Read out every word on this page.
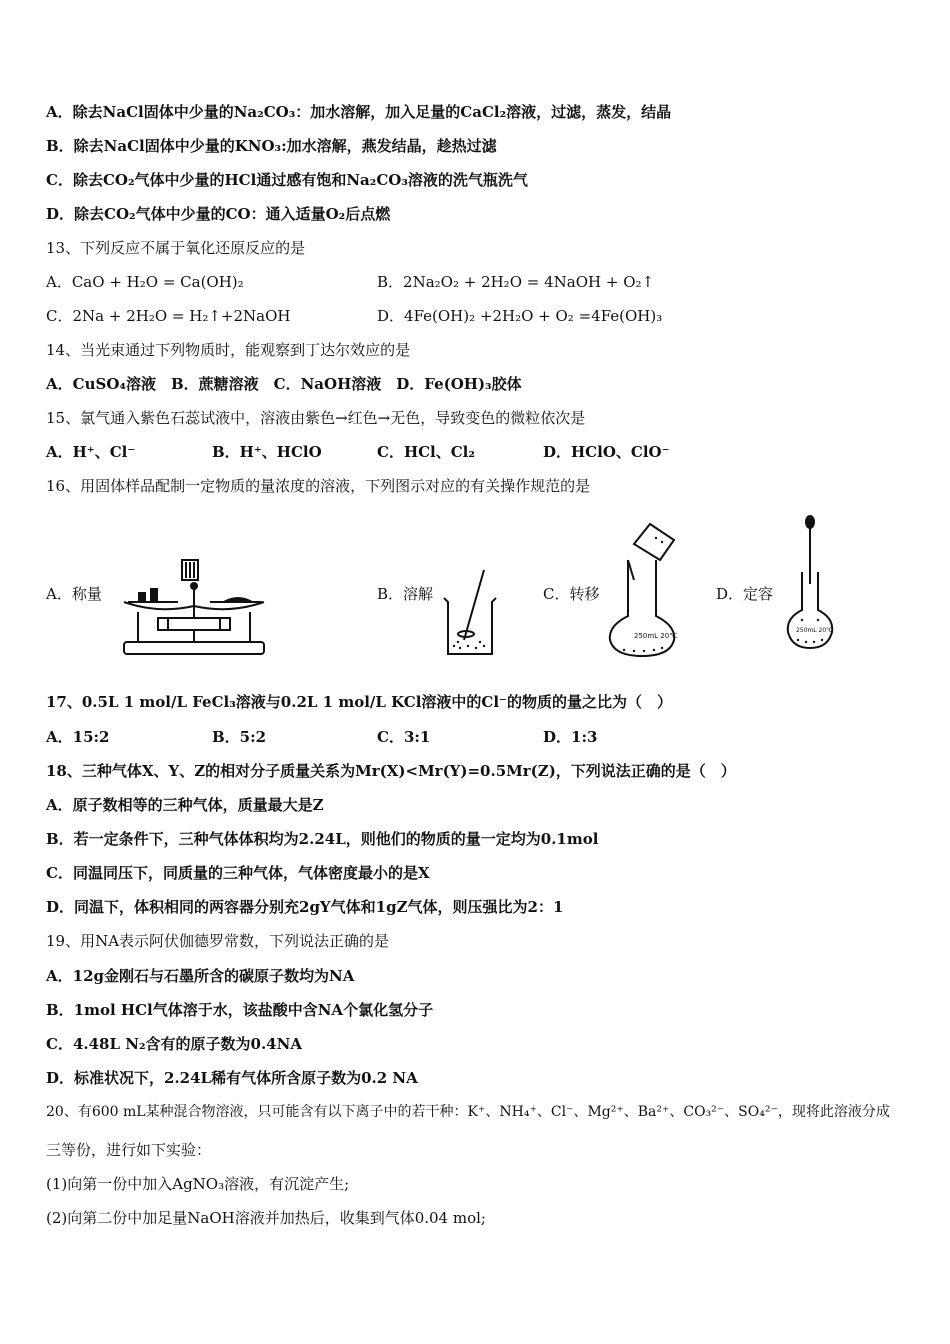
A．除去NaCl固体中少量的Na₂CO₃：加水溶解，加入足量的CaCl₂溶液，过滤，蒸发，结晶
B．除去NaCl固体中少量的KNO₃:加水溶解，燕发结晶，趁热过滤
C．除去CO₂气体中少量的HCl通过感有饱和Na₂CO₃溶液的洗气瓶洗气
D．除去CO₂气体中少量的CO：通入适量O₂后点燃
13、下列反应不属于氧化还原反应的是
A．CaO + H₂O = Ca(OH)₂	B．2Na₂O₂ + 2H₂O = 4NaOH + O₂↑
C．2Na + 2H₂O = H₂↑+2NaOH	D．4Fe(OH)₂ +2H₂O + O₂ =4Fe(OH)₃
14、当光束通过下列物质时，能观察到丁达尔效应的是
A．CuSO₄溶液　B．蔗糖溶液　C．NaOH溶液　D．Fe(OH)₃胶体
15、氯气通入紫色石蕊试液中，溶液由紫色→红色→无色，导致变色的微粒依次是
A．H⁺、Cl⁻	B．H⁺、HClO	C．HCl、Cl₂	D．HClO、ClO⁻
16、用固体样品配制一定物质的量浓度的溶液，下列图示对应的有关操作规范的是
A．称量	B．溶解	C．转移	D．定容
250mL 20℃
250mL 20℃
17、0.5L 1 mol/L FeCl₃溶液与0.2L 1 mol/L KCl溶液中的Cl⁻的物质的量之比为（　）
A．15:2	B．5:2	C．3:1	D．1:3
18、三种气体X、Y、Z的相对分子质量关系为Mr(X)<Mr(Y)=0.5Mr(Z)，下列说法正确的是（　）
A．原子数相等的三种气体，质量最大是Z
B．若一定条件下，三种气体体积均为2.24L，则他们的物质的量一定均为0.1mol
C．同温同压下，同质量的三种气体，气体密度最小的是X
D．同温下，体积相同的两容器分别充2gY气体和1gZ气体，则压强比为2：1
19、用NA表示阿伏伽德罗常数，下列说法正确的是
A．12g金刚石与石墨所含的碳原子数均为NA
B．1mol HCl气体溶于水，该盐酸中含NA个氯化氢分子
C．4.48L N₂含有的原子数为0.4NA
D．标准状况下，2.24L稀有气体所含原子数为0.2 NA
20、有600 mL某种混合物溶液，只可能含有以下离子中的若干种：K⁺、NH₄⁺、Cl⁻、Mg²⁺、Ba²⁺、CO₃²⁻、SO₄²⁻，现将此溶液分成
三等份，进行如下实验：
(1)向第一份中加入AgNO₃溶液，有沉淀产生;
(2)向第二份中加足量NaOH溶液并加热后，收集到气体0.04 mol;
